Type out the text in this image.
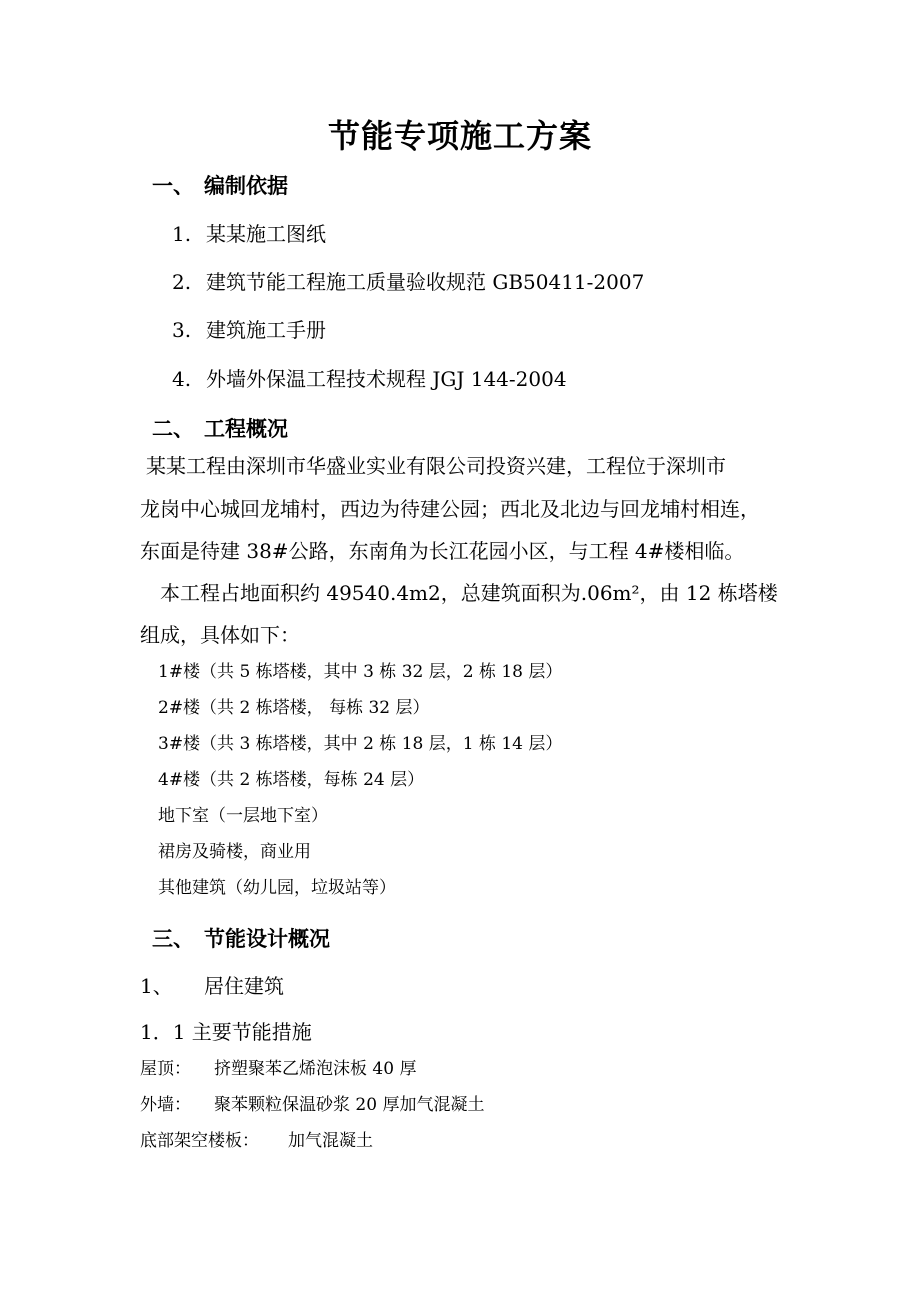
节能专项施工方案
一、 编制依据
1. 某某施工图纸
2. 建筑节能工程施工质量验收规范 GB50411-2007
3. 建筑施工手册
4. 外墙外保温工程技术规程 JGJ 144-2004
二、 工程概况
某某工程由深圳市华盛业实业有限公司投资兴建，工程位于深圳市
龙岗中心城回龙埔村，西边为待建公园；西北及北边与回龙埔村相连，
东面是待建 38#公路，东南角为长江花园小区，与工程 4#楼相临。
本工程占地面积约 49540.4m2，总建筑面积为.06m²，由 12 栋塔楼
组成，具体如下：
1#楼（共 5 栋塔楼，其中 3 栋 32 层，2 栋 18 层）
2#楼（共 2 栋塔楼， 每栋 32 层）
3#楼（共 3 栋塔楼，其中 2 栋 18 层，1 栋 14 层）
4#楼（共 2 栋塔楼，每栋 24 层）
地下室（一层地下室）
裙房及骑楼，商业用
其他建筑（幼儿园，垃圾站等）
三、 节能设计概况
1、 居住建筑
1．1 主要节能措施
屋顶： 挤塑聚苯乙烯泡沫板 40 厚
外墙： 聚苯颗粒保温砂浆 20 厚加气混凝土
底部架空楼板： 加气混凝土
